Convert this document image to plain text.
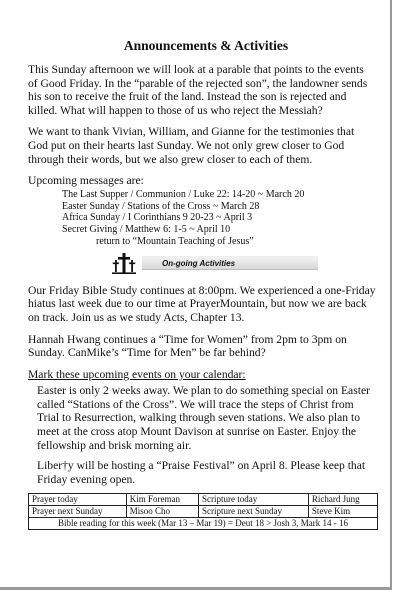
Announcements & Activities

This Sunday afternoon we will look at a parable that points to the events of Good Friday. In the “parable of the rejected son”, the landowner sends his son to receive the fruit of the land. Instead the son is rejected and killed. What will happen to those of us who reject the Messiah?

We want to thank Vivian, William, and Gianne for the testimonies that God put on their hearts last Sunday. We not only grew closer to God through their words, but we also grew closer to each of them.

Upcoming messages are:

The Last Supper / Communion / Luke 22: 14-20 ~ March 20
Easter Sunday / Stations of the Cross ~ March 28
Africa Sunday / I Corinthians 9 20-23 ~ April 3
Secret Giving / Matthew 6: 1-5 ~ April 10
return to “Mountain Teaching of Jesus”
On-going Activities

Our Friday Bible Study continues at 8:00pm. We experienced a one-Friday hiatus last week due to our time at PrayerMountain, but now we are back on track. Join us as we study Acts, Chapter 13.

Hannah Hwang continues a “Time for Women” from 2pm to 3pm on Sunday. CanMike’s “Time for Men” be far behind?

Mark these upcoming events on your calendar:

Easter is only 2 weeks away. We plan to do something special on Easter called “Stations of the Cross”. We will trace the steps of Christ from Trial to Resurrection, walking through seven stations. We also plan to meet at the cross atop Mount Davison at sunrise on Easter. Enjoy the fellowship and brisk morning air.

Liber†y will be hosting a “Praise Festival” on April 8. Please keep that Friday evening open.

Prayer today	Kim Foreman	Scripture today	Richard Jung
Prayer next Sunday	Misoo Cho	Scripture next Sunday	Steve Kim
Bible reading for this week (Mar 13 – Mar 19) = Deut 18 > Josh 3, Mark 14 - 16			
